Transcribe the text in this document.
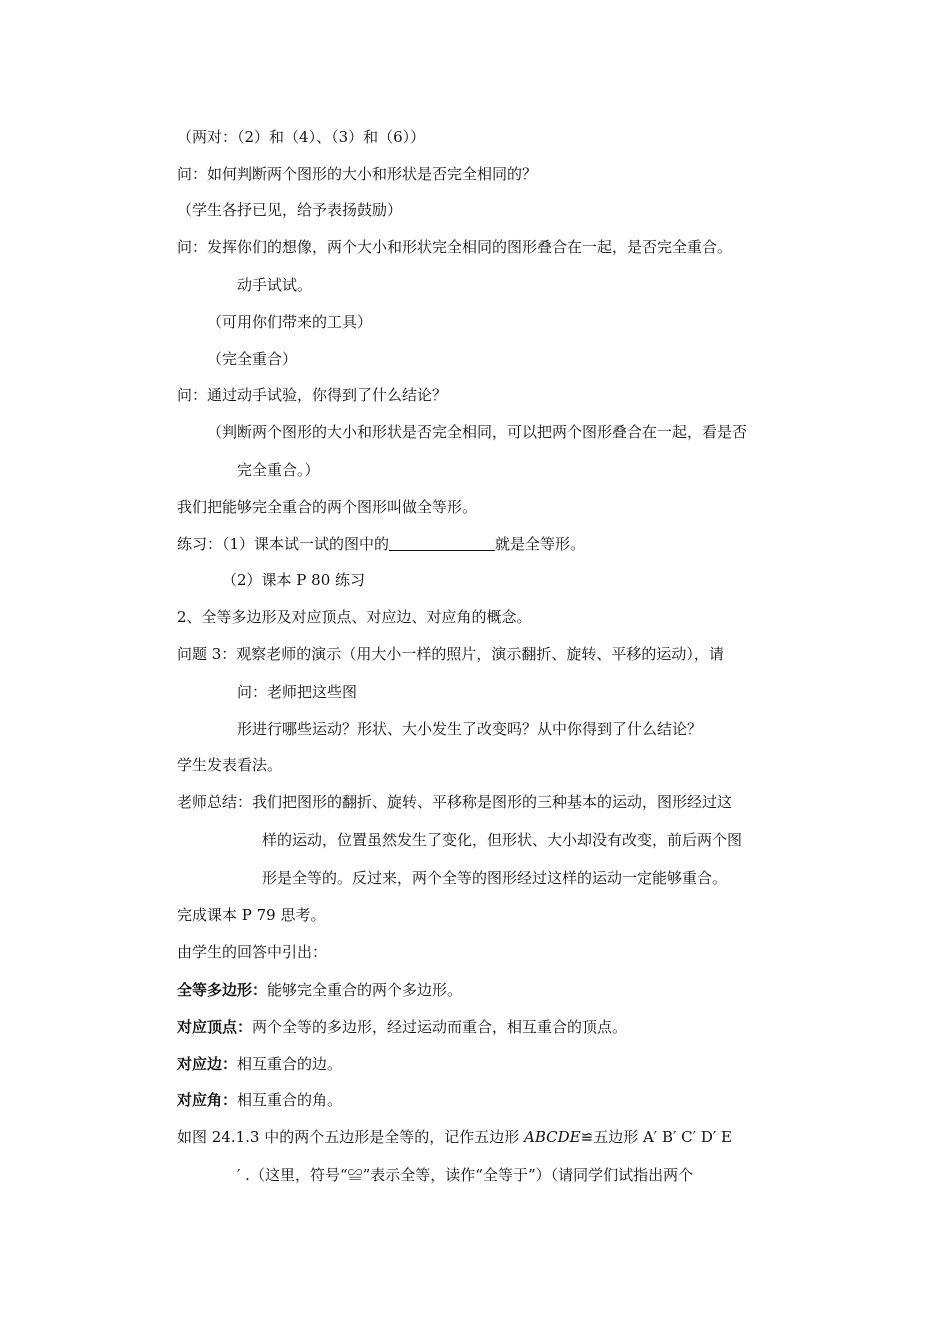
（两对：（2）和（4）、（3）和（6））
问：如何判断两个图形的大小和形状是否完全相同的？
（学生各抒已见，给予表扬鼓励）
问：发挥你们的想像，两个大小和形状完全相同的图形叠合在一起，是否完全重合。
动手试试。
（可用你们带来的工具）
（完全重合）
问：通过动手试验，你得到了什么结论？
（判断两个图形的大小和形状是否完全相同，可以把两个图形叠合在一起，看是否
完全重合。）
我们把能够完全重合的两个图形叫做全等形。
练习：（1）课本试一试的图中的	就是全等形。
（2）课本 P 80 练习
2、全等多边形及对应顶点、对应边、对应角的概念。
问题 3：观察老师的演示（用大小一样的照片，演示翻折、旋转、平移的运动），请
问：老师把这些图
形进行哪些运动？形状、大小发生了改变吗？从中你得到了什么结论？
学生发表看法。
老师总结：我们把图形的翻折、旋转、平移称是图形的三种基本的运动，图形经过这
样的运动，位置虽然发生了变化，但形状、大小却没有改变，前后两个图
形是全等的。反过来，两个全等的图形经过这样的运动一定能够重合。
完成课本 P 79 思考。
由学生的回答中引出：
全等多边形：能够完全重合的两个多边形。
对应顶点：两个全等的多边形，经过运动而重合，相互重合的顶点。
对应边：相互重合的边。
对应角：相互重合的角。
如图 24.1.3 中的两个五边形是全等的，记作五边形 ABCDE≌五边形 A′ B′ C′ D′ E
′ .（这里，符号“≌”表示全等，读作“全等于”）（请同学们试指出两个
